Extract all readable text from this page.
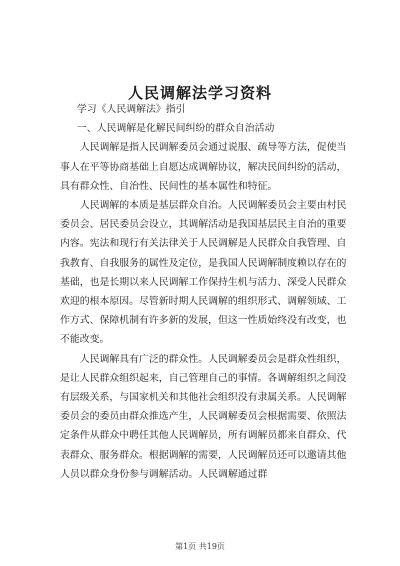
人民调解法学习资料

学习《人民调解法》指引

一、人民调解是化解民间纠纷的群众自治活动

人民调解是指人民调解委员会通过说服、疏导等方法，促使当事人在平等协商基础上自愿达成调解协议，解决民间纠纷的活动，具有群众性、自治性、民间性的基本属性和特征。

人民调解的本质是基层群众自治。人民调解委员会主要由村民委员会、居民委员会设立，其调解活动是我国基层民主自治的重要内容。宪法和现行有关法律关于人民调解是人民群众自我管理、自我教育、自我服务的属性及定位，是我国人民调解制度赖以存在的基础，也是长期以来人民调解工作保持生机与活力、深受人民群众欢迎的根本原因。尽管新时期人民调解的组织形式、调解领域、工作方式、保障机制有许多新的发展，但这一性质始终没有改变，也不能改变。

人民调解具有广泛的群众性。人民调解委员会是群众性组织，是让人民群众组织起来，自己管理自己的事情。各调解组织之间没有层级关系，与国家机关和其他社会组织没有隶属关系。人民调解委员会的委员由群众推选产生，人民调解委员会根据需要、依照法定条件从群众中聘任其他人民调解员，所有调解员都来自群众、代表群众、服务群众。根据调解的需要，人民调解员还可以邀请其他人员以群众身份参与调解活动。人民调解通过群

第1页 共19页
